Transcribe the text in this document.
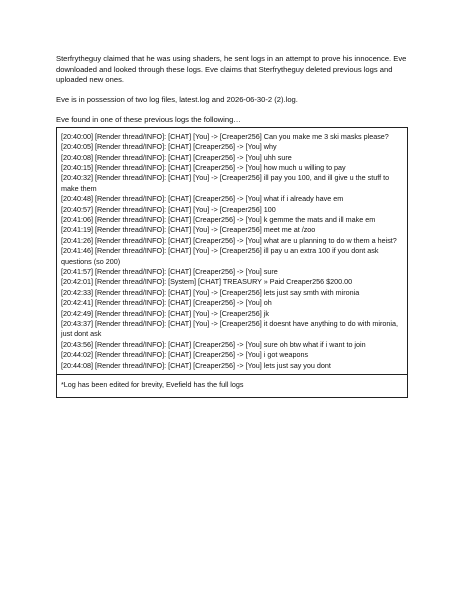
Sterfrytheguy claimed that he was using shaders, he sent logs in an attempt to prove his innocence. Eve downloaded and looked through these logs. Eve claims that Sterfrytheguy deleted previous logs and uploaded new ones.

Eve is in possession of two log files, latest.log and 2026-06-30-2 (2).log.

Eve found in one of these previous logs the following…

[20:40:00] [Render thread/INFO]: [CHAT] [You] -> [Creaper256] Can you make me 3 ski masks please?
[20:40:05] [Render thread/INFO]: [CHAT] [Creaper256] -> [You] why
[20:40:08] [Render thread/INFO]: [CHAT] [Creaper256] -> [You] uhh sure
[20:40:15] [Render thread/INFO]: [CHAT] [Creaper256] -> [You] how much u willing to pay
[20:40:32] [Render thread/INFO]: [CHAT] [You] -> [Creaper256] ill pay you 100, and ill give u the stuff to make them
[20:40:48] [Render thread/INFO]: [CHAT] [Creaper256] -> [You] what if i already have em
[20:40:57] [Render thread/INFO]: [CHAT] [You] -> [Creaper256] 100
[20:41:06] [Render thread/INFO]: [CHAT] [Creaper256] -> [You] k gemme the mats and ill make em
[20:41:19] [Render thread/INFO]: [CHAT] [You] -> [Creaper256] meet me at /zoo
[20:41:26] [Render thread/INFO]: [CHAT] [Creaper256] -> [You] what are u planning to do w them a heist?
[20:41:46] [Render thread/INFO]: [CHAT] [You] -> [Creaper256] ill pay u an extra 100 if you dont ask questions (so 200)
[20:41:57] [Render thread/INFO]: [CHAT] [Creaper256] -> [You] sure
[20:42:01] [Render thread/INFO]: [System] [CHAT] TREASURY » Paid Creaper256 $200.00
[20:42:33] [Render thread/INFO]: [CHAT] [You] -> [Creaper256] lets just say smth with mironia
[20:42:41] [Render thread/INFO]: [CHAT] [Creaper256] -> [You] oh
[20:42:49] [Render thread/INFO]: [CHAT] [You] -> [Creaper256] jk
[20:43:37] [Render thread/INFO]: [CHAT] [You] -> [Creaper256] it doesnt have anything to do with mironia, just dont ask
[20:43:56] [Render thread/INFO]: [CHAT] [Creaper256] -> [You] sure oh btw what if i want to join
[20:44:02] [Render thread/INFO]: [CHAT] [Creaper256] -> [You] i got weapons
[20:44:08] [Render thread/INFO]: [CHAT] [Creaper256] -> [You] lets just say you dont
*Log has been edited for brevity, Evefield has the full logs
